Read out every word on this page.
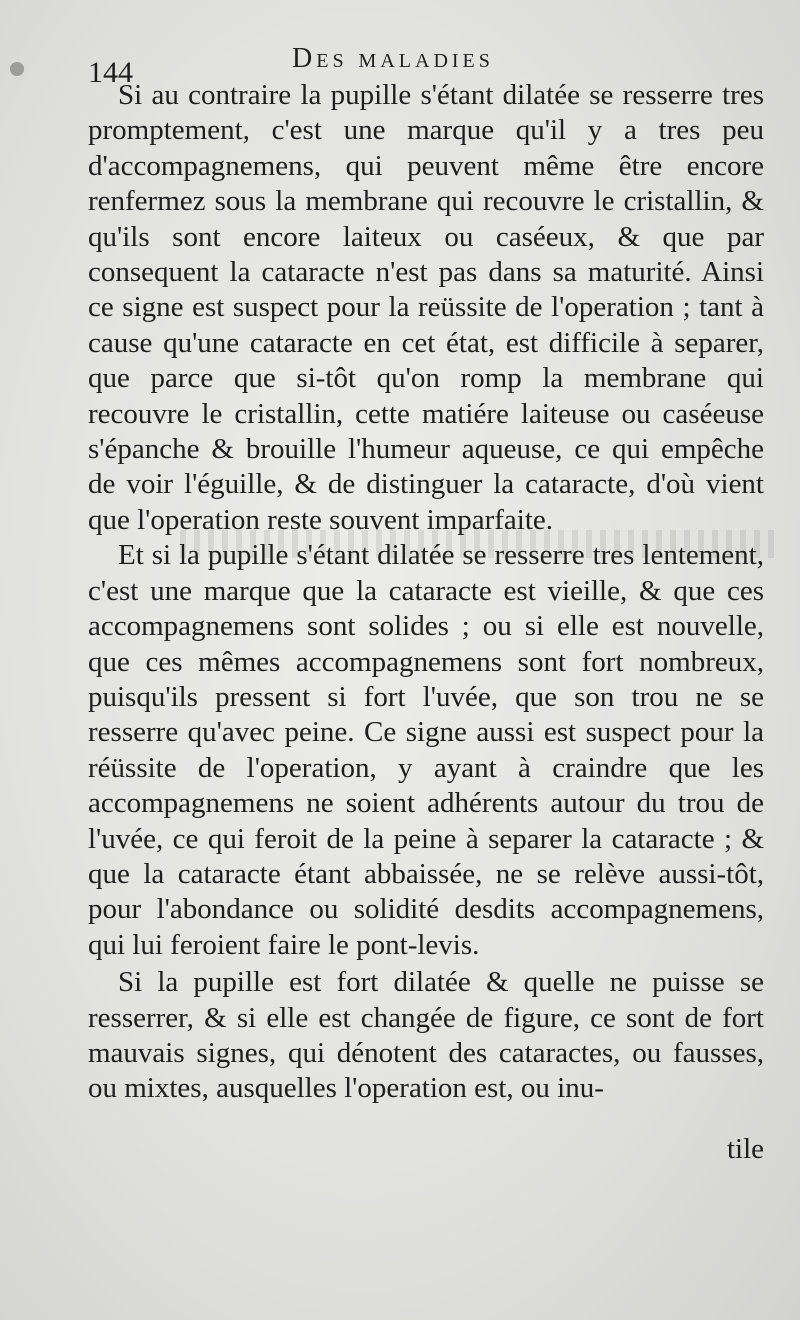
144	Des maladies

Si au contraire la pupille s'étant dilatée se resserre tres promptement, c'est une marque qu'il y a tres peu d'accompagnemens, qui peuvent même être encore renfermez sous la membrane qui recouvre le cristallin, & qu'ils sont encore laiteux ou caséeux, & que par consequent la cataracte n'est pas dans sa maturité. Ainsi ce signe est suspect pour la reüssite de l'operation ; tant à cause qu'une cataracte en cet état, est difficile à separer, que parce que si-tôt qu'on romp la membrane qui recouvre le cristallin, cette matiére laiteuse ou caséeuse s'épanche & brouille l'humeur aqueuse, ce qui empêche de voir l'éguille, & de distinguer la cataracte, d'où vient que l'operation reste souvent imparfaite.

Et si la pupille s'étant dilatée se resserre tres lentement, c'est une marque que la cataracte est vieille, & que ces accompagnemens sont solides ; ou si elle est nouvelle, que ces mêmes accompagnemens sont fort nombreux, puisqu'ils pressent si fort l'uvée, que son trou ne se resserre qu'avec peine. Ce signe aussi est suspect pour la réüssite de l'operation, y ayant à craindre que les accompagnemens ne soient adhérents autour du trou de l'uvée, ce qui feroit de la peine à separer la cataracte ; & que la cataracte étant abbaissée, ne se relève aussi-tôt, pour l'abondance ou solidité desdits accompagnemens, qui lui feroient faire le pont-levis.

Si la pupille est fort dilatée & quelle ne puisse se resserrer, & si elle est changée de figure, ce sont de fort mauvais signes, qui dénotent des cataractes, ou fausses, ou mixtes, ausquelles l'operation est, ou inu-

tile
